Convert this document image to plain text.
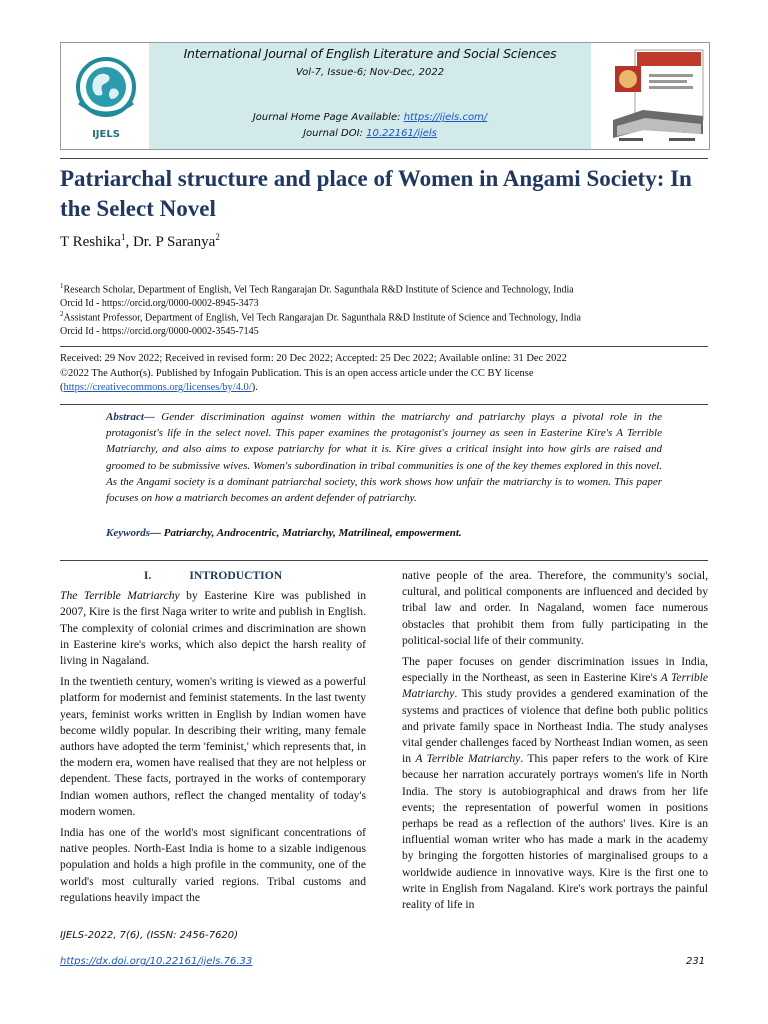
IJELS
International Journal of English Literature and Social Sciences
Vol-7, Issue-6; Nov-Dec, 2022
Journal Home Page Available: https://ijels.com/
Journal DOI: 10.22161/ijels
Patriarchal structure and place of Women in Angami Society: In the Select Novel
T Reshika$^1$, Dr. P Saranya$^2$
$^1$Research Scholar, Department of English, Vel Tech Rangarajan Dr. Sagunthala R&D Institute of Science and Technology, India
Orcid Id - https://orcid.org/0000-0002-8945-3473
$^2$Assistant Professor, Department of English, Vel Tech Rangarajan Dr. Sagunthala R&D Institute of Science and Technology, India
Orcid Id - https://orcid.org/0000-0002-3545-7145
Received: 29 Nov 2022; Received in revised form: 20 Dec 2022; Accepted: 25 Dec 2022; Available online: 31 Dec 2022
©2022 The Author(s). Published by Infogain Publication. This is an open access article under the CC BY license
(https://creativecommons.org/licenses/by/4.0/).
Abstract— Gender discrimination against women within the matriarchy and patriarchy plays a pivotal role in the protagonist's life in the select novel. This paper examines the protagonist's journey as seen in Easterine Kire's A Terrible Matriarchy, and also aims to expose patriarchy for what it is. Kire gives a critical insight into how girls are raised and groomed to be submissive wives. Women's subordination in tribal communities is one of the key themes explored in this novel. As the Angami society is a dominant patriarchal society, this work shows how unfair the matriarchy is to women. This paper focuses on how a matriarch becomes an ardent defender of patriarchy.
Keywords— Patriarchy, Androcentric, Matriarchy, Matrilineal, empowerment.
I.	INTRODUCTION

The Terrible Matriarchy by Easterine Kire was published in 2007, Kire is the first Naga writer to write and publish in English. The complexity of colonial crimes and discrimination are shown in Easterine kire's works, which also depict the harsh reality of living in Nagaland.

In the twentieth century, women's writing is viewed as a powerful platform for modernist and feminist statements. In the last twenty years, feminist works written in English by Indian women have become wildly popular. In describing their writing, many female authors have adopted the term 'feminist,' which represents that, in the modern era, women have realised that they are not helpless or dependent. These facts, portrayed in the works of contemporary Indian women authors, reflect the changed mentality of today's modern women.

India has one of the world's most significant concentrations of native peoples. North-East India is home to a sizable indigenous population and holds a high profile in the community, one of the world's most culturally varied regions. Tribal customs and regulations heavily impact the

native people of the area. Therefore, the community's social, cultural, and political components are influenced and decided by tribal law and order. In Nagaland, women face numerous obstacles that prohibit them from fully participating in the political-social life of their community.

The paper focuses on gender discrimination issues in India, especially in the Northeast, as seen in Easterine Kire's A Terrible Matriarchy. This study provides a gendered examination of the systems and practices of violence that define both public politics and private family space in Northeast India. The study analyses vital gender challenges faced by Northeast Indian women, as seen in A Terrible Matriarchy. This paper refers to the work of Kire because her narration accurately portrays women's life in North India. The story is autobiographical and draws from her life events; the representation of powerful women in positions perhaps be read as a reflection of the authors' lives. Kire is an influential woman writer who has made a mark in the academy by bringing the forgotten histories of marginalised groups to a worldwide audience in innovative ways. Kire is the first one to write in English from Nagaland. Kire's work portrays the painful reality of life in

IJELS-2022, 7(6), (ISSN: 2456-7620)
https://dx.doi.org/10.22161/ijels.76.33	231
